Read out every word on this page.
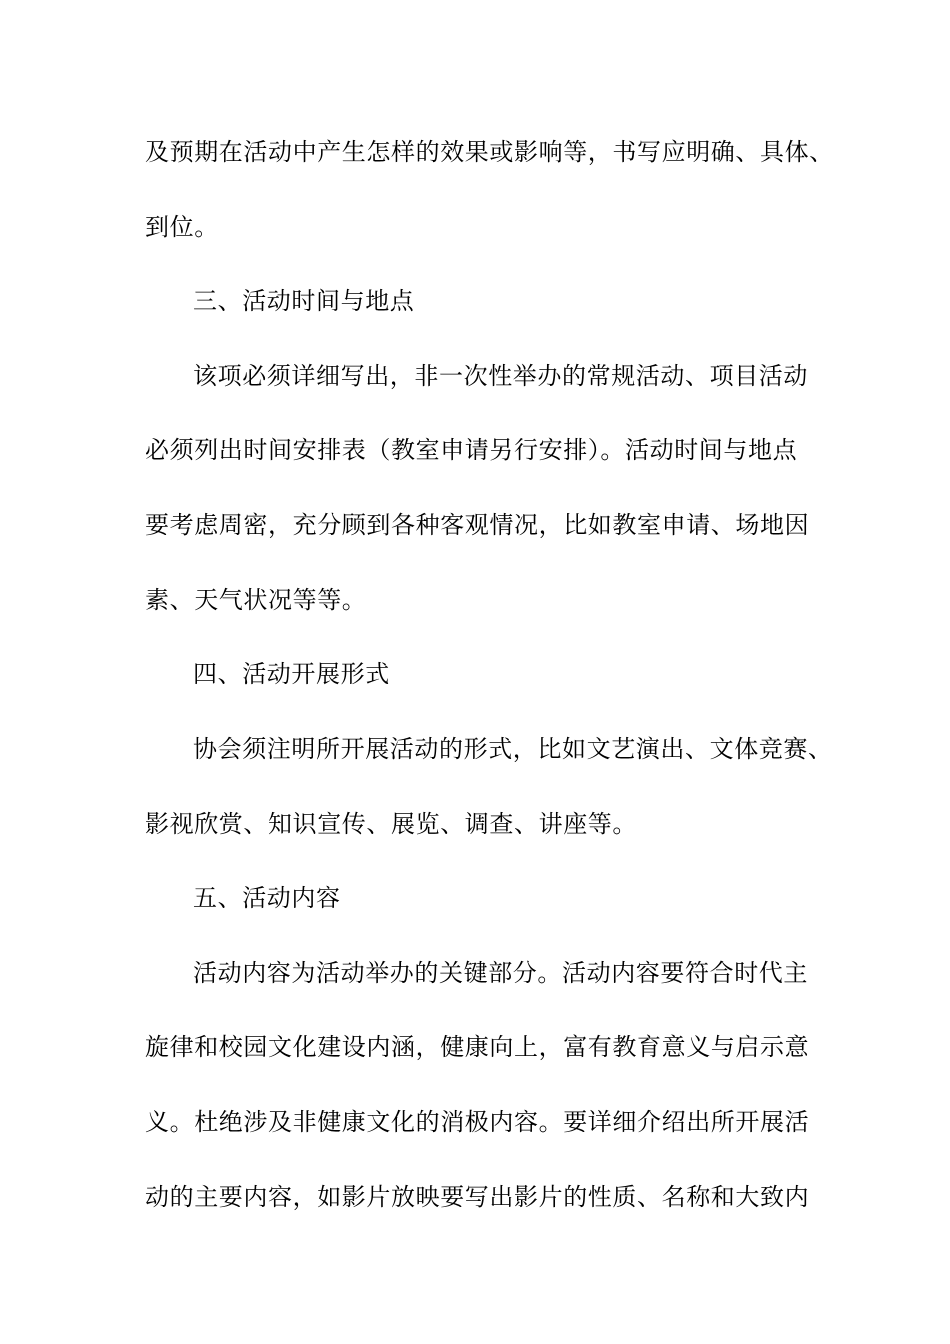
及预期在活动中产生怎样的效果或影响等，书写应明确、具体、
到位。
三、活动时间与地点
该项必须详细写出，非一次性举办的常规活动、项目活动
必须列出时间安排表（教室申请另行安排）。活动时间与地点
要考虑周密，充分顾到各种客观情况，比如教室申请、场地因
素、天气状况等等。
四、活动开展形式
协会须注明所开展活动的形式，比如文艺演出、文体竞赛、
影视欣赏、知识宣传、展览、调查、讲座等。
五、活动内容
活动内容为活动举办的关键部分。活动内容要符合时代主
旋律和校园文化建设内涵，健康向上，富有教育意义与启示意
义。杜绝涉及非健康文化的消极内容。要详细介绍出所开展活
动的主要内容，如影片放映要写出影片的性质、名称和大致内
